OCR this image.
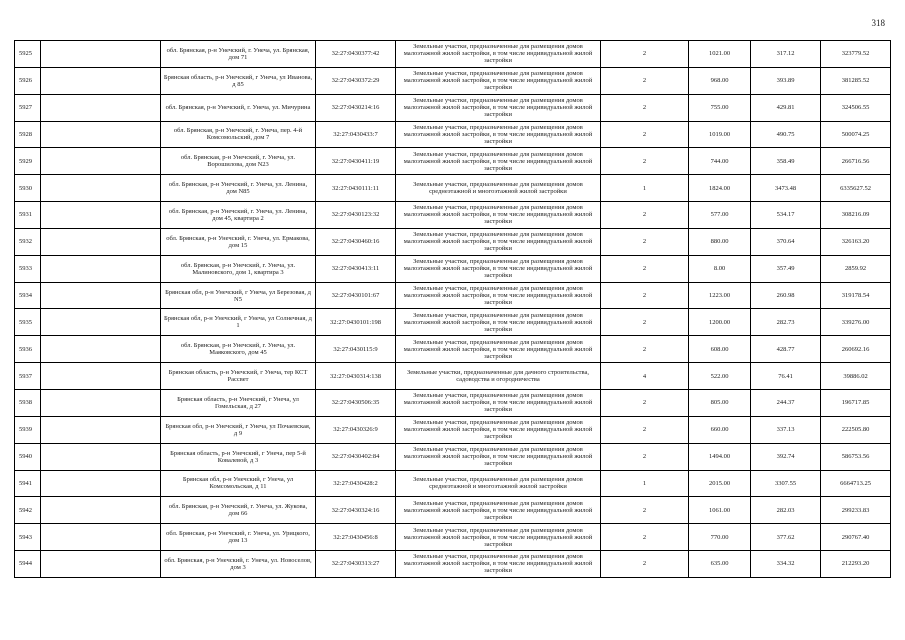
318
5925		обл. Брянская, р-н Унечский, г. Унеча, ул. Брянская, дом 71	32:27:0430377:42	Земельные участки, предназначенные для размещения домов малоэтажной жилой застройки, в том числе индивидуальной жилой застройки	2	1021.00	317.12	323779.52
5926		Брянская область, р-н Унечский, г Унеча, ул Иванова, д 85	32:27:0430372:29	Земельные участки, предназначенные для размещения домов малоэтажной жилой застройки, в том числе индивидуальной жилой застройки	2	968.00	393.89	381285.52
5927		обл. Брянская, р-н Унечский, г. Унеча, ул. Мичурина	32:27:0430214:16	Земельные участки, предназначенные для размещения домов малоэтажной жилой застройки, в том числе индивидуальной жилой застройки	2	755.00	429.81	324506.55
5928		обл. Брянская, р-н Унечский, г. Унеча, пер. 4-й Комсомольский, дом 7	32:27:0430433:7	Земельные участки, предназначенные для размещения домов малоэтажной жилой застройки, в том числе индивидуальной жилой застройки	2	1019.00	490.75	500074.25
5929		обл. Брянская, р-н Унечский, г. Унеча, ул. Ворошилова, дом N23	32:27:0430411:19	Земельные участки, предназначенные для размещения домов малоэтажной жилой застройки, в том числе индивидуальной жилой застройки	2	744.00	358.49	266716.56
5930		обл. Брянская, р-н Унечский, г. Унеча, ул. Ленина, дом N85	32:27:0430111:11	Земельные участки, предназначенные для размещения домов среднеэтажной и многоэтажной жилой застройки	1	1824.00	3473.48	6335627.52
5931		обл. Брянская, р-н Унечский, г. Унеча, ул. Ленина, дом 45, квартира 2	32:27:0430123:32	Земельные участки, предназначенные для размещения домов малоэтажной жилой застройки, в том числе индивидуальной жилой застройки	2	577.00	534.17	308216.09
5932		обл. Брянская, р-н Унечский, г. Унеча, ул. Ермакова, дом 15	32:27:0430460:16	Земельные участки, предназначенные для размещения домов малоэтажной жилой застройки, в том числе индивидуальной жилой застройки	2	880.00	370.64	326163.20
5933		обл. Брянская, р-н Унечский, г. Унеча, ул. Малиновского, дом 1, квартира 3	32:27:0430413:11	Земельные участки, предназначенные для размещения домов малоэтажной жилой застройки, в том числе индивидуальной жилой застройки	2	8.00	357.49	2859.92
5934		Брянская обл, р-н Унечский, г Унеча, ул Березовая, д N5	32:27:0430101:67	Земельные участки, предназначенные для размещения домов малоэтажной жилой застройки, в том числе индивидуальной жилой застройки	2	1223.00	260.98	319178.54
5935		Брянская обл, р-н Унечский, г Унеча, ул Солнечная, д 1	32:27:0430101:198	Земельные участки, предназначенные для размещения домов малоэтажной жилой застройки, в том числе индивидуальной жилой застройки	2	1200.00	282.73	339276.00
5936		обл. Брянская, р-н Унечский, г. Унеча, ул. Маяковского, дом 45	32:27:0430115:9	Земельные участки, предназначенные для размещения домов малоэтажной жилой застройки, в том числе индивидуальной жилой застройки	2	608.00	428.77	260692.16
5937		Брянская область, р-н Унечский, г Унеча, тер КСТ Рассвет	32:27:0430314:138	Земельные участки, предназначенные для дачного строительства, садоводства и огородничества	4	522.00	76.41	39886.02
5938		Брянская область, р-н Унечский, г Унеча, ул Гомельская, д 27	32:27:0430506:35	Земельные участки, предназначенные для размещения домов малоэтажной жилой застройки, в том числе индивидуальной жилой застройки	2	805.00	244.37	196717.85
5939		Брянская обл, р-н Унечский, г Унеча, ул Почаевская, д 9	32:27:0430326:9	Земельные участки, предназначенные для размещения домов малоэтажной жилой застройки, в том числе индивидуальной жилой застройки	2	660.00	337.13	222505.80
5940		Брянская область, р-н Унечский, г Унеча, пер 5-й Ковалевой, д 3	32:27:0430402:84	Земельные участки, предназначенные для размещения домов малоэтажной жилой застройки, в том числе индивидуальной жилой застройки	2	1494.00	392.74	586753.56
5941		Брянская обл, р-н Унечский, г Унеча, ул Комсомольская, д 11	32:27:0430428:2	Земельные участки, предназначенные для размещения домов среднеэтажной и многоэтажной жилой застройки	1	2015.00	3307.55	6664713.25
5942		обл. Брянская, р-н Унечский, г. Унеча, ул. Жукова, дом 66	32:27:0430324:16	Земельные участки, предназначенные для размещения домов малоэтажной жилой застройки, в том числе индивидуальной жилой застройки	2	1061.00	282.03	299233.83
5943		обл. Брянская, р-н Унечский, г. Унеча, ул. Урицкого, дом 13	32:27:0430456:8	Земельные участки, предназначенные для размещения домов малоэтажной жилой застройки, в том числе индивидуальной жилой застройки	2	770.00	377.62	290767.40
5944		обл. Брянская, р-н Унечский, г. Унеча, ул. Новоселов, дом 3	32:27:0430313:27	Земельные участки, предназначенные для размещения домов малоэтажной жилой застройки, в том числе индивидуальной жилой застройки	2	635.00	334.32	212293.20
